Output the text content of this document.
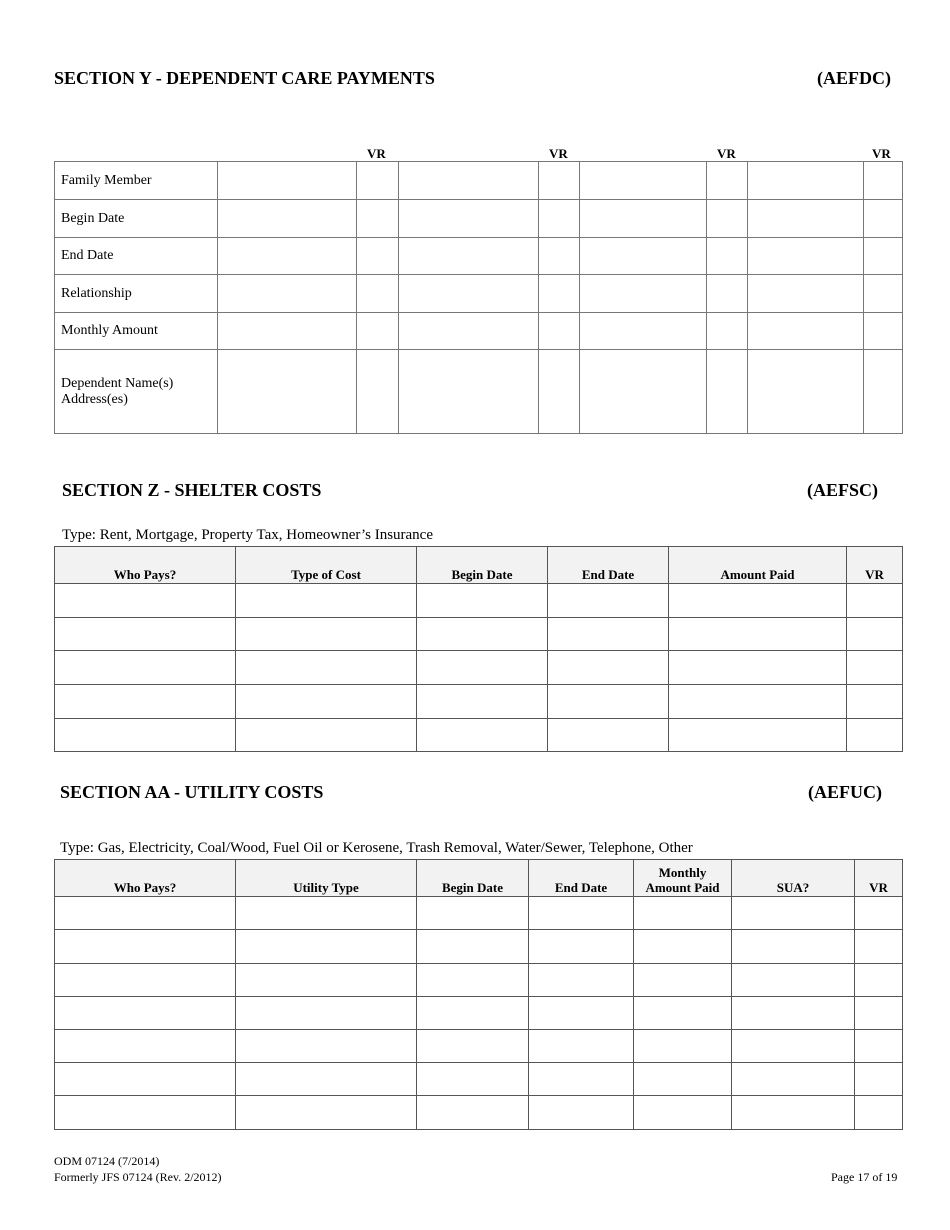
SECTION Y - DEPENDENT CARE PAYMENTS	(AEFDC)
VR	VR	VR	VR
Family Member								
Begin Date								
End Date								
Relationship								
Monthly Amount								
Dependent Name(s)
Address(es)								
SECTION Z - SHELTER COSTS	(AEFSC)
Type: Rent, Mortgage, Property Tax, Homeowner’s Insurance
Who Pays?	Type of Cost	Begin Date	End Date	Amount Paid	VR

SECTION AA - UTILITY COSTS	(AEFUC)
Type: Gas, Electricity, Coal/Wood, Fuel Oil or Kerosene, Trash Removal, Water/Sewer, Telephone, Other
Who Pays?	Utility Type	Begin Date	End Date	Monthly
Amount Paid	SUA?	VR

ODM 07124 (7/2014)
Formerly JFS 07124 (Rev. 2/2012)	Page 17 of 19
